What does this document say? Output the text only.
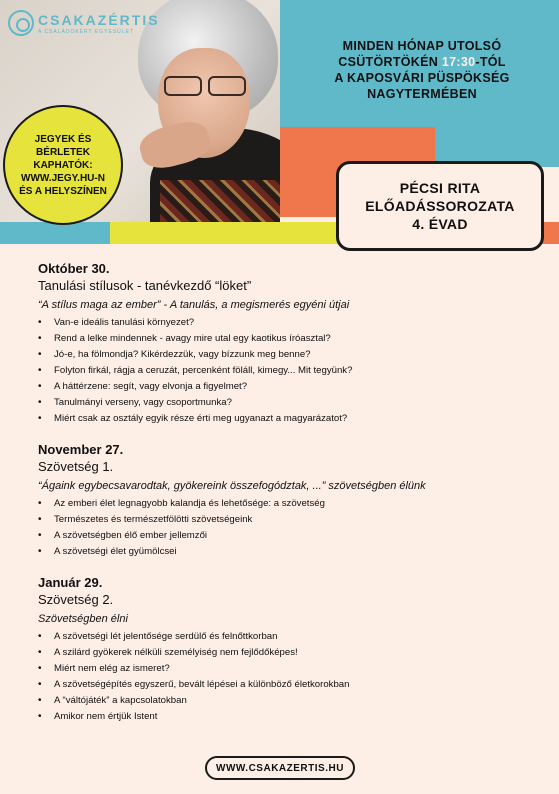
CSAKAZÉRTIS
A CSALÁDOKÉRT EGYESÜLET
JEGYEK ÉS
BÉRLETEK
KAPHATÓK:
WWW.JEGY.HU-N
ÉS A HELYSZÍNEN
MINDEN HÓNAP UTOLSÓ
CSÜTÖRTÖKÉN 17:30-TÓL
A KAPOSVÁRI PÜSPÖKSÉG
NAGYTERMÉBEN
PÉCSI RITA
ELŐADÁSSOROZATA
4. ÉVAD
Október 30.
Tanulási stílusok - tanévkezdő “löket”
“A stílus maga az ember” - A tanulás, a megismerés egyéni útjai
• Van-e ideális tanulási környezet?
• Rend a lelke mindennek - avagy mire utal egy kaotikus íróasztal?
• Jó-e, ha fölmondja? Kikérdezzük, vagy bízzunk meg benne?
• Folyton firkál, rágja a ceruzát, percenként föláll, kimegy... Mit tegyünk?
• A háttérzene: segít, vagy elvonja a figyelmet?
• Tanulmányi verseny, vagy csoportmunka?
• Miért csak az osztály egyik része érti meg ugyanazt a magyarázatot?
November 27.
Szövetség 1.
“Ágaink egybecsavarodtak, gyökereink összefogództak, ...” szövetségben élünk
• Az emberi élet legnagyobb kalandja és lehetősége: a szövetség
• Természetes és természetfölötti szövetségeink
• A szövetségben élő ember jellemzői
• A szövetségi élet gyümölcsei
Január 29.
Szövetség 2.
Szövetségben élni
• A szövetségi lét jelentősége serdülő és felnőttkorban
• A szilárd gyökerek nélküli személyiség nem fejlődőképes!
• Miért nem elég az ismeret?
• A szövetségépítés egyszerű, bevált lépései a különböző életkorokban
• A “váltójáték” a kapcsolatokban
• Amikor nem értjük Istent
WWW.CSAKAZERTIS.HU
